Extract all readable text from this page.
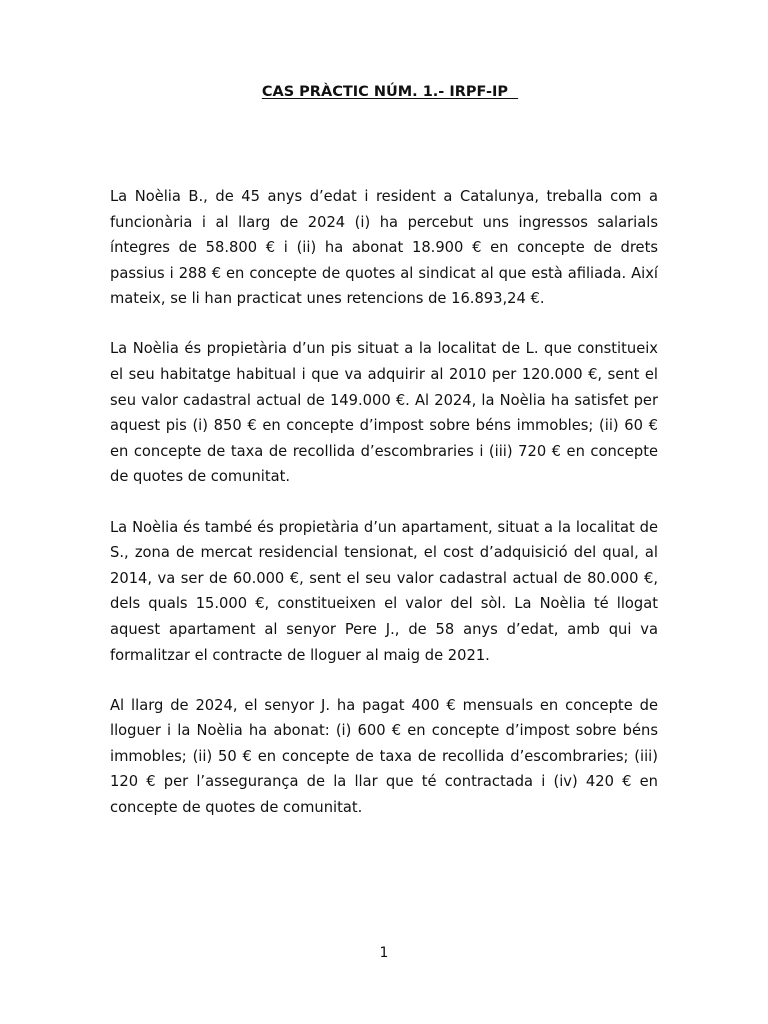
CAS PRÀCTIC NÚM. 1.- IRPF-IP

La Noèlia B., de 45 anys d’edat i resident a Catalunya, treballa com a funcionària i al llarg de 2024 (i) ha percebut uns ingressos salarials íntegres de 58.800 € i (ii) ha abonat 18.900 € en concepte de drets passius i 288 € en concepte de quotes al sindicat al que està afiliada. Així mateix, se li han practicat unes retencions de 16.893,24 €.

La Noèlia és propietària d’un pis situat a la localitat de L. que constitueix el seu habitatge habitual i que va adquirir al 2010 per 120.000 €, sent el seu valor cadastral actual de 149.000 €. Al 2024, la Noèlia ha satisfet per aquest pis (i) 850 € en concepte d’impost sobre béns immobles; (ii) 60 € en concepte de taxa de recollida d’escombraries i (iii) 720 € en concepte de quotes de comunitat.

La Noèlia és també és propietària d’un apartament, situat a la localitat de S., zona de mercat residencial tensionat, el cost d’adquisició del qual, al 2014, va ser de 60.000 €, sent el seu valor cadastral actual de 80.000 €, dels quals 15.000 €, constitueixen el valor del sòl. La Noèlia té llogat aquest apartament al senyor Pere J., de 58 anys d’edat, amb qui va formalitzar el contracte de lloguer al maig de 2021.

Al llarg de 2024, el senyor J. ha pagat 400 € mensuals en concepte de lloguer i la Noèlia ha abonat: (i) 600 € en concepte d’impost sobre béns immobles; (ii) 50 € en concepte de taxa de recollida d’escombraries; (iii) 120 € per l’assegurança de la llar que té contractada i (iv) 420 € en concepte de quotes de comunitat.

1
